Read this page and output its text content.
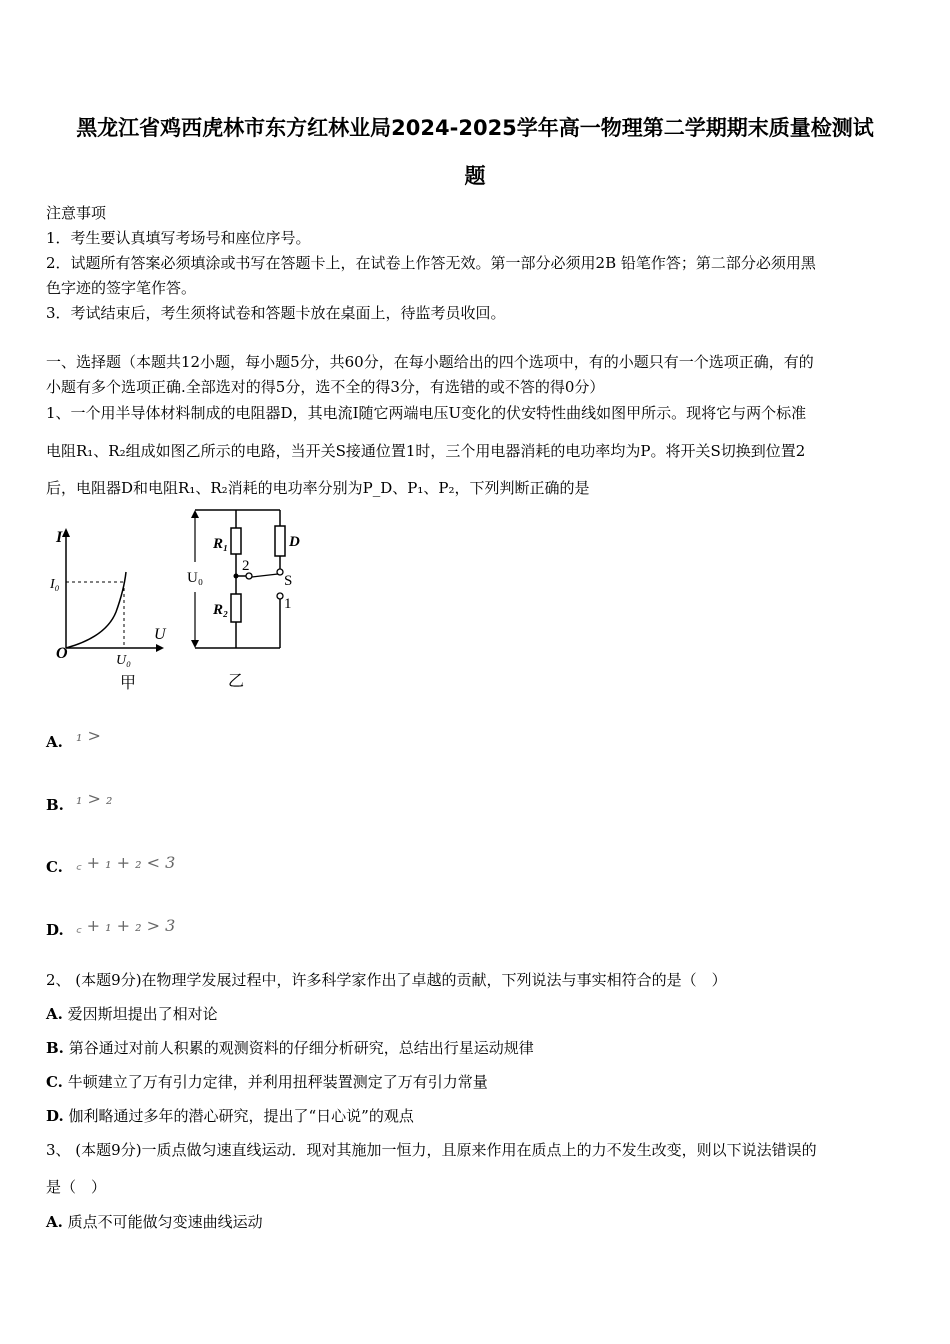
黑龙江省鸡西虎林市东方红林业局2024-2025学年高一物理第二学期期末质量检测试
题
注意事项
1．考生要认真填写考场号和座位序号。
2．试题所有答案必须填涂或书写在答题卡上，在试卷上作答无效。第一部分必须用2B 铅笔作答；第二部分必须用黑
色字迹的签字笔作答。
3．考试结束后，考生须将试卷和答题卡放在桌面上，待监考员收回。
一、选择题（本题共12小题，每小题5分，共60分，在每小题给出的四个选项中，有的小题只有一个选项正确，有的
小题有多个选项正确.全部选对的得5分，选不全的得3分，有选错的或不答的得0分）
1、一个用半导体材料制成的电阻器D，其电流I随它两端电压U变化的伏安特性曲线如图甲所示。现将它与两个标准
电阻R₁、R₂组成如图乙所示的电路，当开关S接通位置1时，三个用电器消耗的电功率均为P。将开关S切换到位置2
后，电阻器D和电阻R₁、R₂消耗的电功率分别为P_D、P₁、P₂，下列判断正确的是
I
I₀
U
O	U₀
甲
U₀
R₁
R₂
2
D
S
1
乙
A. ₁ >
B. ₁ > ₂
C. ꜀ + ₁ + ₂ < 3
D. ꜀ + ₁ + ₂ > 3
2、 (本题9分)在物理学发展过程中，许多科学家作出了卓越的贡献，下列说法与事实相符合的是（　）
A. 爱因斯坦提出了相对论
B. 第谷通过对前人积累的观测资料的仔细分析研究，总结出行星运动规律
C. 牛顿建立了万有引力定律，并利用扭秤装置测定了万有引力常量
D. 伽利略通过多年的潜心研究，提出了“日心说”的观点
3、 (本题9分)一质点做匀速直线运动．现对其施加一恒力，且原来作用在质点上的力不发生改变，则以下说法错误的
是（　）
A. 质点不可能做匀变速曲线运动
